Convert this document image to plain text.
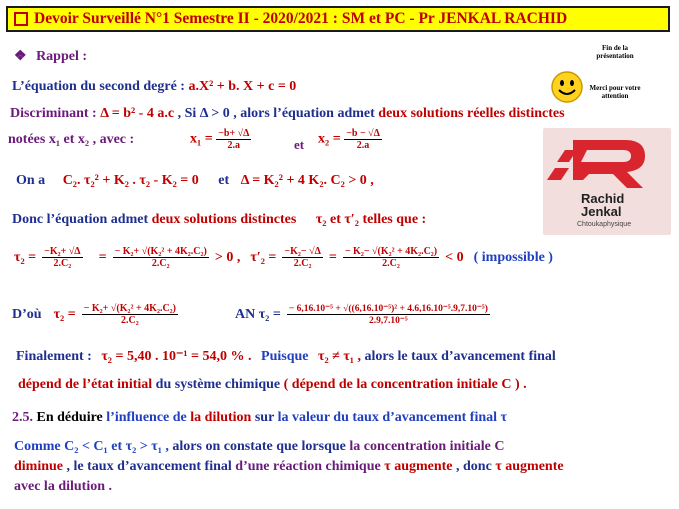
Devoir Surveillé N°1 Semestre II - 2020/2021 : SM et PC - Pr JENKAL RACHID
❖ Rappel :
Fin de la présentation
Merci pour votre attention
L’équation du second degré : a.X² + b. X + c = 0
Discriminant : Δ = b² - 4 a.c , Si Δ > 0 , alors l’équation admet deux solutions réelles distinctes
notées x₁ et x₂ , avec :	$x_1 = \frac{-b+ √\Delta}{2.a}$	et $x_2 = \frac{-b - √\Delta}{2.a}$
On a C₂. τ₂² + K₂ . τ₂ - K₂ = 0 et Δ = K₂² + 4 K₂. C₂ > 0 ,
Rachid
Jenkal
Chtoukaphysique
Donc l’équation admet deux solutions distinctes τ₂ et τ′₂ telles que :
$\tau_2 = \frac{\text{−K₂+ √Δ}}{\text{2.C₂}} = \frac{\text{− K₂+ √(K₂² + 4K₂.C₂)}}{\text{2.C₂}} > 0$ , $\tau'_2 = \frac{\text{−K₂− √Δ}}{\text{2.C₂}} = \frac{\text{− K₂− √(K₂² + 4K₂.C₂)}}{\text{2.C₂}} < 0$ ( impossible )
D’où $\tau_2 = \frac{\text{− K₂+ √(K₂² + 4K₂.C₂)}}{\text{2.C₂}}$	AN $\tau_2 = \frac{\text{− 6,16.10⁻⁵ + √((6,16.10⁻⁵)² + 4.6,16.10⁻⁵.9,7.10⁻⁵)}}{\text{2.9,7.10⁻⁵}}$
Finalement : τ₂ = 5,40 . 10⁻¹ = 54,0 % . Puisque τ₂ ≠ τ₁ , alors le taux d’avancement final
dépend de l’état initial du système chimique ( dépend de la concentration initiale C ) .
2.5. En déduire l’influence de la dilution sur la valeur du taux d’avancement final τ
Comme C₂ < C₁ et τ₂ > τ₁ , alors on constate que lorsque la concentration initiale C
diminue , le taux d’avancement final d’une réaction chimique τ augmente , donc τ augmente
avec la dilution .
